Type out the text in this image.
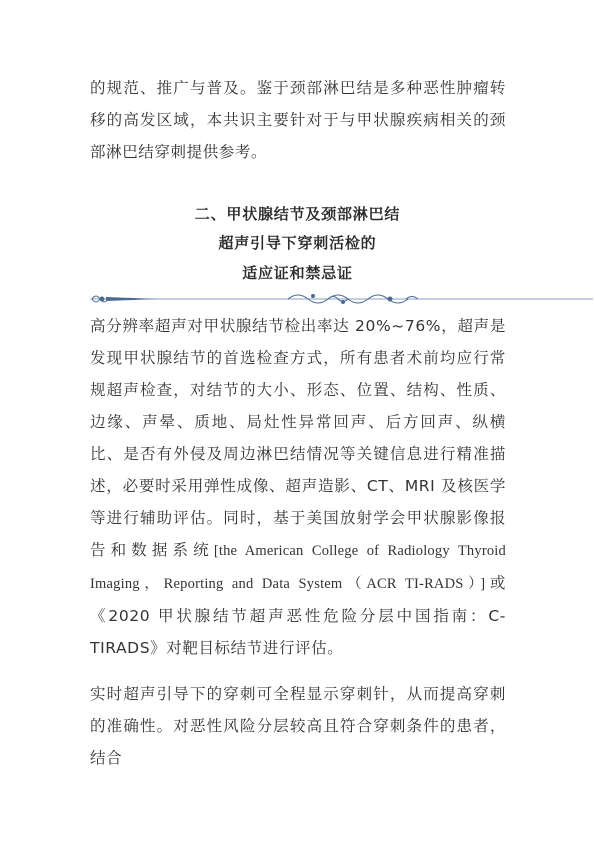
的规范、推广与普及。鉴于颈部淋巴结是多种恶性肿瘤转移的高发区域，本共识主要针对于与甲状腺疾病相关的颈部淋巴结穿刺提供参考。

二、甲状腺结节及颈部淋巴结
超声引导下穿刺活检的
适应证和禁忌证

高分辨率超声对甲状腺结节检出率达 20%~76%，超声是发现甲状腺结节的首选检查方式，所有患者术前均应行常规超声检查，对结节的大小、形态、位置、结构、性质、边缘、声晕、质地、局灶性异常回声、后方回声、纵横比、是否有外侵及周边淋巴结情况等关键信息进行精准描述，必要时采用弹性成像、超声造影、CT、MRI 及核医学等进行辅助评估。同时，基于美国放射学会甲状腺影像报告和数据系统[the American College of Radiology Thyroid Imaging，Reporting and Data System（ACR TI-RADS）]或《2020 甲状腺结节超声恶性危险分层中国指南：C-TIRADS》对靶目标结节进行评估。

实时超声引导下的穿刺可全程显示穿刺针，从而提高穿刺的准确性。对恶性风险分层较高且符合穿刺条件的患者，结合
